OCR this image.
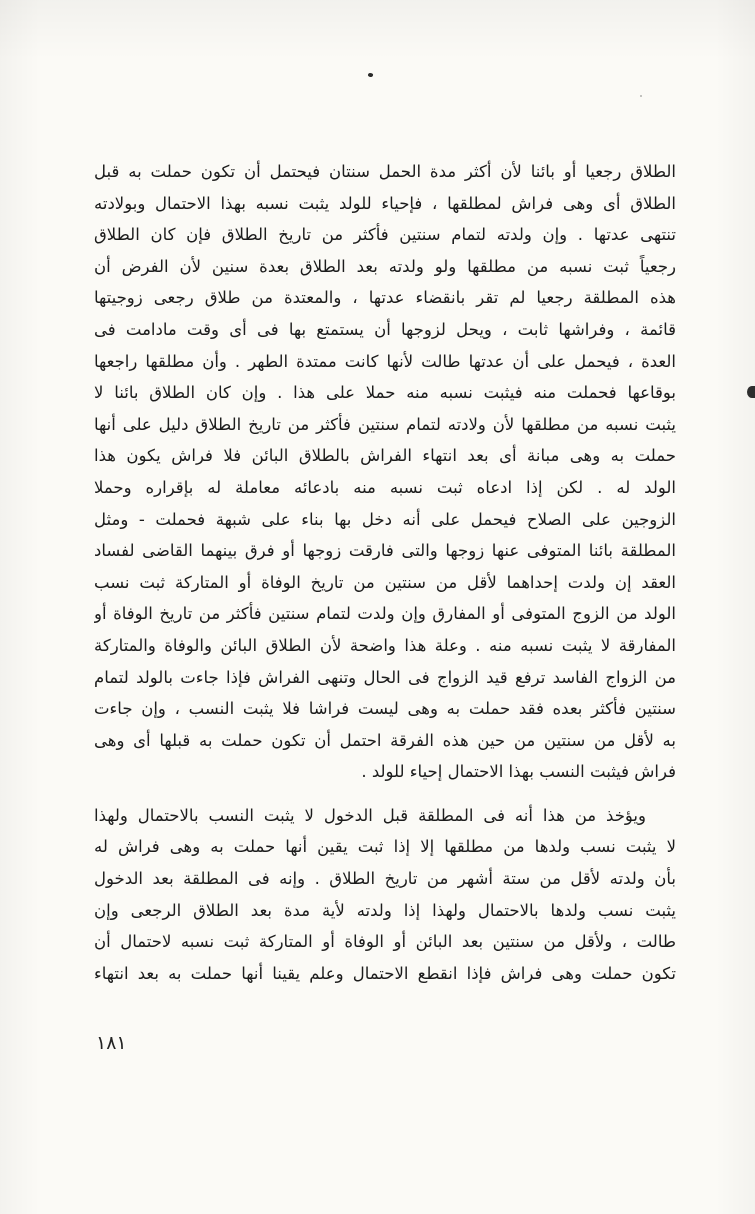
الطلاق رجعيا أو بائنا لأن أكثر مدة الحمل سنتان فيحتمل أن تكون حملت به قبل
الطلاق أى وهى فراش لمطلقها ، فإحياء للولد يثبت نسبه بهذا الاحتمال وبولادته
تنتهى عدتها . وإن ولدته لتمام سنتين فأكثر من تاريخ الطلاق فإن كان الطلاق
رجعياً ثبت نسبه من مطلقها ولو ولدته بعد الطلاق بعدة سنين لأن الفرض أن
هذه المطلقة رجعيا لم تقر بانقضاء عدتها ، والمعتدة من طلاق رجعى زوجيتها
قائمة ، وفراشها ثابت ، ويحل لزوجها أن يستمتع بها فى أى وقت مادامت فى
العدة ، فيحمل على أن عدتها طالت لأنها كانت ممتدة الطهر . وأن مطلقها راجعها
بوقاعها فحملت منه فيثبت نسبه منه حملا على هذا . وإن كان الطلاق بائنا لا
يثبت نسبه من مطلقها لأن ولادته لتمام سنتين فأكثر من تاريخ الطلاق دليل على أنها
حملت به وهى مبانة أى بعد انتهاء الفراش بالطلاق البائن فلا فراش يكون هذا
الولد له . لكن إذا ادعاه ثبت نسبه منه بادعائه معاملة له بإقراره وحملا
الزوجين على الصلاح فيحمل على أنه دخل بها بناء على شبهة فحملت - ومثل
المطلقة بائنا المتوفى عنها زوجها والتى فارقت زوجها أو فرق بينهما القاضى لفساد
العقد إن ولدت إحداهما لأقل من سنتين من تاريخ الوفاة أو المتاركة ثبت نسب
الولد من الزوج المتوفى أو المفارق وإن ولدت لتمام سنتين فأكثر من تاريخ الوفاة أو
المفارقة لا يثبت نسبه منه . وعلة هذا واضحة لأن الطلاق البائن والوفاة والمتاركة
من الزواج الفاسد ترفع قيد الزواج فى الحال وتنهى الفراش فإذا جاءت بالولد لتمام
سنتين فأكثر بعده فقد حملت به وهى ليست فراشا فلا يثبت النسب ، وإن جاءت
به لأقل من سنتين من حين هذه الفرقة احتمل أن تكون حملت به قبلها أى وهى
فراش فيثبت النسب بهذا الاحتمال إحياء للولد .
ويؤخذ من هذا أنه فى المطلقة قبل الدخول لا يثبت النسب بالاحتمال ولهذا
لا يثبت نسب ولدها من مطلقها إلا إذا ثبت يقين أنها حملت به وهى فراش له
بأن ولدته لأقل من ستة أشهر من تاريخ الطلاق . وإنه فى المطلقة بعد الدخول
يثبت نسب ولدها بالاحتمال ولهذا إذا ولدته لأية مدة بعد الطلاق الرجعى وإن
طالت ، ولأقل من سنتين بعد البائن أو الوفاة أو المتاركة ثبت نسبه لاحتمال أن
تكون حملت وهى فراش فإذا انقطع الاحتمال وعلم يقينا أنها حملت به بعد انتهاء
١٨١
